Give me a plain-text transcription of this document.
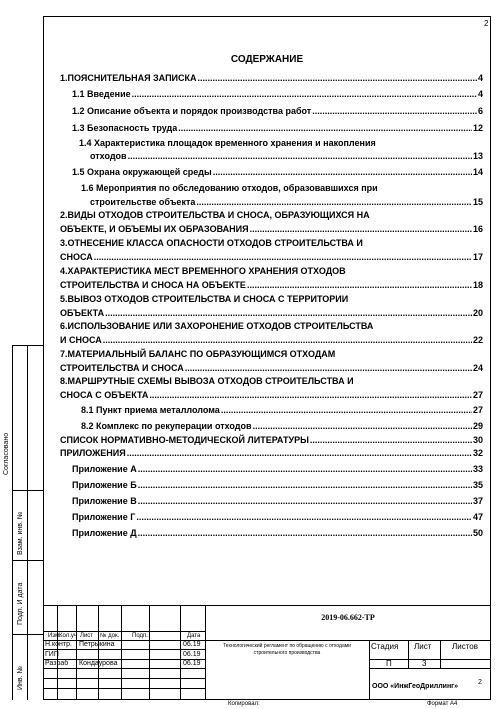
2
СОДЕРЖАНИЕ
1.ПОЯСНИТЕЛЬНАЯ ЗАПИСКА .....	4
1.1 Введение .....	4
1.2 Описание объекта и порядок производства работ .....	6
1.3 Безопасность труда .....	12
1.4 Характеристика площадок временного хранения и накопления
отходов .....	13
1.5 Охрана окружающей среды .....	14
1.6 Мероприятия по обследованию отходов, образовавшихся при
строительстве объекта .....	15
2.ВИДЫ ОТХОДОВ СТРОИТЕЛЬСТВА И СНОСА, ОБРАЗУЮЩИХСЯ НА
ОБЪЕКТЕ, И ОБЪЕМЫ ИХ ОБРАЗОВАНИЯ .....	16
3.ОТНЕСЕНИЕ КЛАССА ОПАСНОСТИ ОТХОДОВ СТРОИТЕЛЬСТВА И
СНОСА .....	17
4.ХАРАКТЕРИСТИКА МЕСТ ВРЕМЕННОГО ХРАНЕНИЯ ОТХОДОВ
СТРОИТЕЛЬСТВА И СНОСА НА ОБЪЕКТЕ .....	18
5.ВЫВОЗ ОТХОДОВ СТРОИТЕЛЬСТВА И СНОСА С ТЕРРИТОРИИ
ОБЪЕКТА .....	20
6.ИСПОЛЬЗОВАНИЕ ИЛИ ЗАХОРОНЕНИЕ ОТХОДОВ СТРОИТЕЛЬСТВА
И СНОСА .....	22
7.МАТЕРИАЛЬНЫЙ БАЛАНС ПО ОБРАЗУЮЩИМСЯ ОТХОДАМ
СТРОИТЕЛЬСТВА И СНОСА .....	24
8.МАРШРУТНЫЕ СХЕМЫ ВЫВОЗА ОТХОДОВ СТРОИТЕЛЬСТВА И
СНОСА С ОБЪЕКТА .....	27
8.1 Пункт приема металлолома .....	27
8.2 Комплекс по рекуперации отходов .....	29
СПИСОК НОРМАТИВНО-МЕТОДИЧЕСКОЙ ЛИТЕРАТУРЫ .....	30
ПРИЛОЖЕНИЯ .....	32
Приложение А .....	33
Приложение Б .....	35
Приложение В .....	37
Приложение Г .....	47
Приложение Д .....	50
Согласовано
Взам. инв. №
Подп. И дата
Инв. №
2019-06.662-ТР
Изм.
Кол.уч Лист № док. Подп.	Дата
Н.контр. Петрыкина	06.19
ГИП	06.19
Разраб Кондаурова	06.19
Технологический регламент по обращению с отходами строительного производства
Стадия Лист	Листов
П	3
ООО «ИнжГеоДриллинг»
2
Копировал:	Формат А4
